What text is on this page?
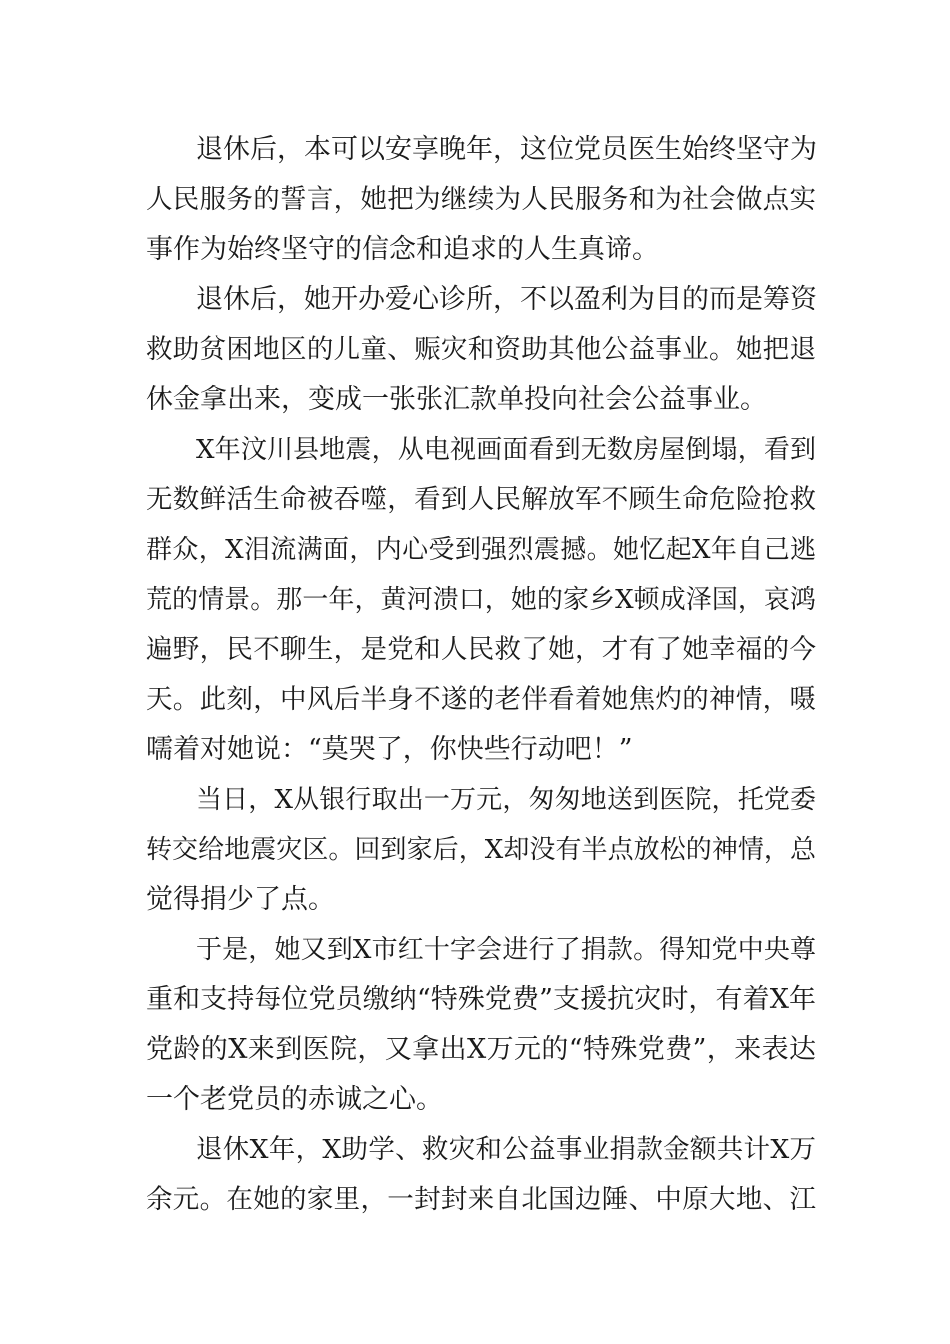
退休后，本可以安享晚年，这位党员医生始终坚守为

人民服务的誓言，她把为继续为人民服务和为社会做点实

事作为始终坚守的信念和追求的人生真谛。

退休后，她开办爱心诊所，不以盈利为目的而是筹资

救助贫困地区的儿童、赈灾和资助其他公益事业。她把退

休金拿出来，变成一张张汇款单投向社会公益事业。

X年汶川县地震，从电视画面看到无数房屋倒塌，看到

无数鲜活生命被吞噬，看到人民解放军不顾生命危险抢救

群众，X泪流满面，内心受到强烈震撼。她忆起X年自己逃

荒的情景。那一年，黄河溃口，她的家乡X顿成泽国，哀鸿

遍野，民不聊生，是党和人民救了她，才有了她幸福的今

天。此刻，中风后半身不遂的老伴看着她焦灼的神情，嗫

嚅着对她说：“莫哭了，你快些行动吧！”

当日，X从银行取出一万元，匆匆地送到医院，托党委

转交给地震灾区。回到家后，X却没有半点放松的神情，总

觉得捐少了点。

于是，她又到X市红十字会进行了捐款。得知党中央尊

重和支持每位党员缴纳“特殊党费”支援抗灾时，有着X年

党龄的X来到医院，又拿出X万元的“特殊党费”，来表达

一个老党员的赤诚之心。

退休X年，X助学、救灾和公益事业捐款金额共计X万

余元。在她的家里，一封封来自北国边陲、中原大地、江
